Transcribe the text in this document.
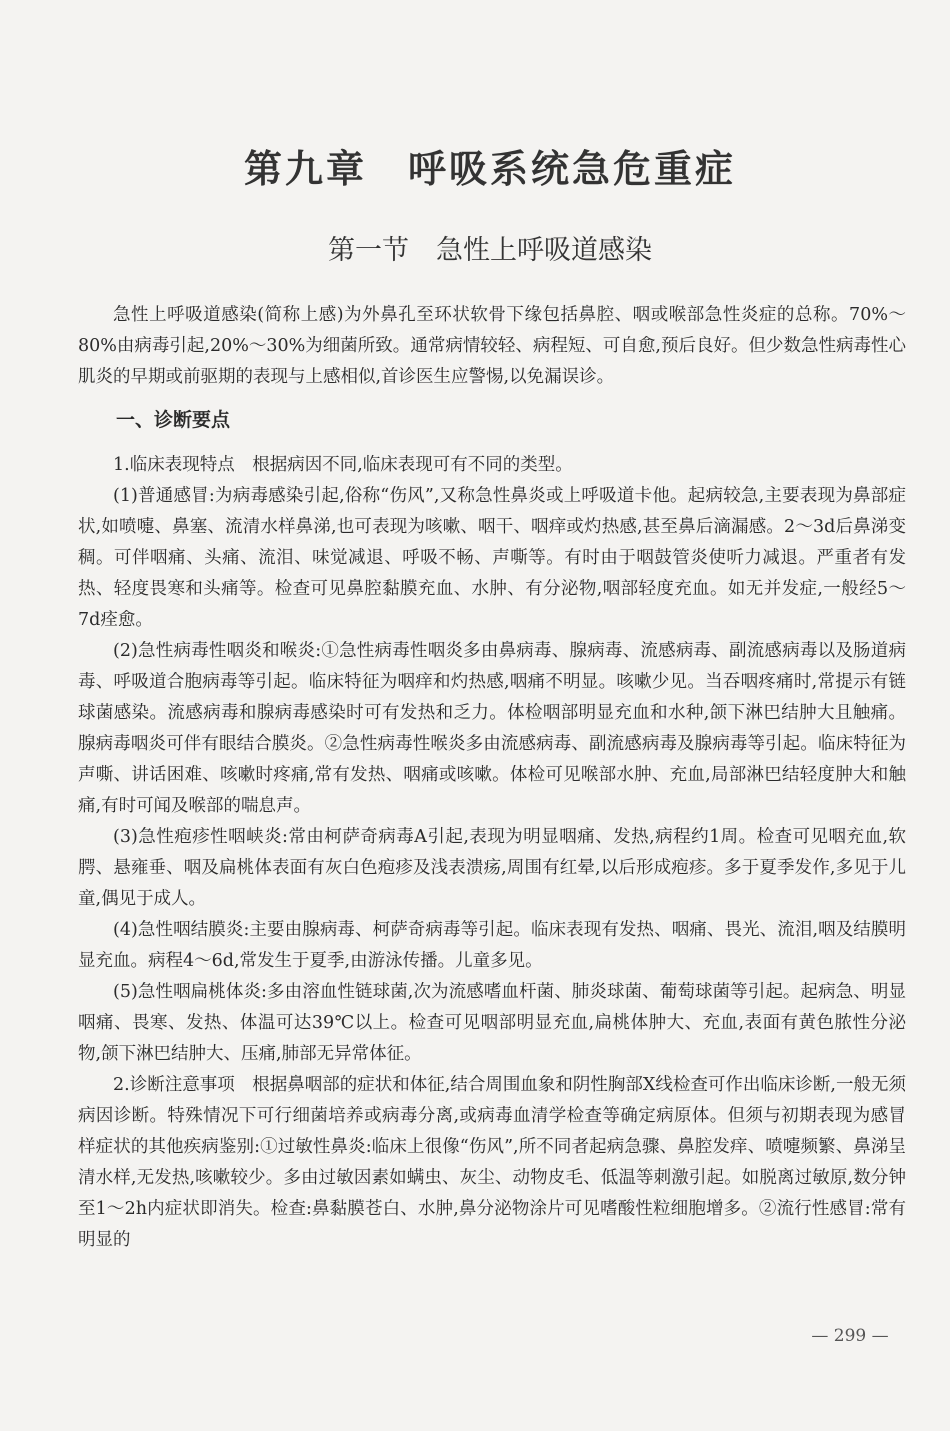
第九章　呼吸系统急危重症
第一节　急性上呼吸道感染

急性上呼吸道感染(简称上感)为外鼻孔至环状软骨下缘包括鼻腔、咽或喉部急性炎症的总称。70%～80%由病毒引起,20%～30%为细菌所致。通常病情较轻、病程短、可自愈,预后良好。但少数急性病毒性心肌炎的早期或前驱期的表现与上感相似,首诊医生应警惕,以免漏误诊。

一、诊断要点

1.临床表现特点　根据病因不同,临床表现可有不同的类型。

(1)普通感冒:为病毒感染引起,俗称“伤风”,又称急性鼻炎或上呼吸道卡他。起病较急,主要表现为鼻部症状,如喷嚏、鼻塞、流清水样鼻涕,也可表现为咳嗽、咽干、咽痒或灼热感,甚至鼻后滴漏感。2～3d后鼻涕变稠。可伴咽痛、头痛、流泪、味觉减退、呼吸不畅、声嘶等。有时由于咽鼓管炎使听力减退。严重者有发热、轻度畏寒和头痛等。检查可见鼻腔黏膜充血、水肿、有分泌物,咽部轻度充血。如无并发症,一般经5～7d痊愈。

(2)急性病毒性咽炎和喉炎:①急性病毒性咽炎多由鼻病毒、腺病毒、流感病毒、副流感病毒以及肠道病毒、呼吸道合胞病毒等引起。临床特征为咽痒和灼热感,咽痛不明显。咳嗽少见。当吞咽疼痛时,常提示有链球菌感染。流感病毒和腺病毒感染时可有发热和乏力。体检咽部明显充血和水种,颌下淋巴结肿大且触痛。腺病毒咽炎可伴有眼结合膜炎。②急性病毒性喉炎多由流感病毒、副流感病毒及腺病毒等引起。临床特征为声嘶、讲话困难、咳嗽时疼痛,常有发热、咽痛或咳嗽。体检可见喉部水肿、充血,局部淋巴结轻度肿大和触痛,有时可闻及喉部的喘息声。

(3)急性疱疹性咽峡炎:常由柯萨奇病毒A引起,表现为明显咽痛、发热,病程约1周。检查可见咽充血,软腭、悬雍垂、咽及扁桃体表面有灰白色疱疹及浅表溃疡,周围有红晕,以后形成疱疹。多于夏季发作,多见于儿童,偶见于成人。

(4)急性咽结膜炎:主要由腺病毒、柯萨奇病毒等引起。临床表现有发热、咽痛、畏光、流泪,咽及结膜明显充血。病程4～6d,常发生于夏季,由游泳传播。儿童多见。

(5)急性咽扁桃体炎:多由溶血性链球菌,次为流感嗜血杆菌、肺炎球菌、葡萄球菌等引起。起病急、明显咽痛、畏寒、发热、体温可达39℃以上。检查可见咽部明显充血,扁桃体肿大、充血,表面有黄色脓性分泌物,颌下淋巴结肿大、压痛,肺部无异常体征。

2.诊断注意事项　根据鼻咽部的症状和体征,结合周围血象和阴性胸部X线检查可作出临床诊断,一般无须病因诊断。特殊情况下可行细菌培养或病毒分离,或病毒血清学检查等确定病原体。但须与初期表现为感冒样症状的其他疾病鉴别:①过敏性鼻炎:临床上很像“伤风”,所不同者起病急骤、鼻腔发痒、喷嚏频繁、鼻涕呈清水样,无发热,咳嗽较少。多由过敏因素如螨虫、灰尘、动物皮毛、低温等刺激引起。如脱离过敏原,数分钟至1～2h内症状即消失。检查:鼻黏膜苍白、水肿,鼻分泌物涂片可见嗜酸性粒细胞增多。②流行性感冒:常有明显的

— 299 —
